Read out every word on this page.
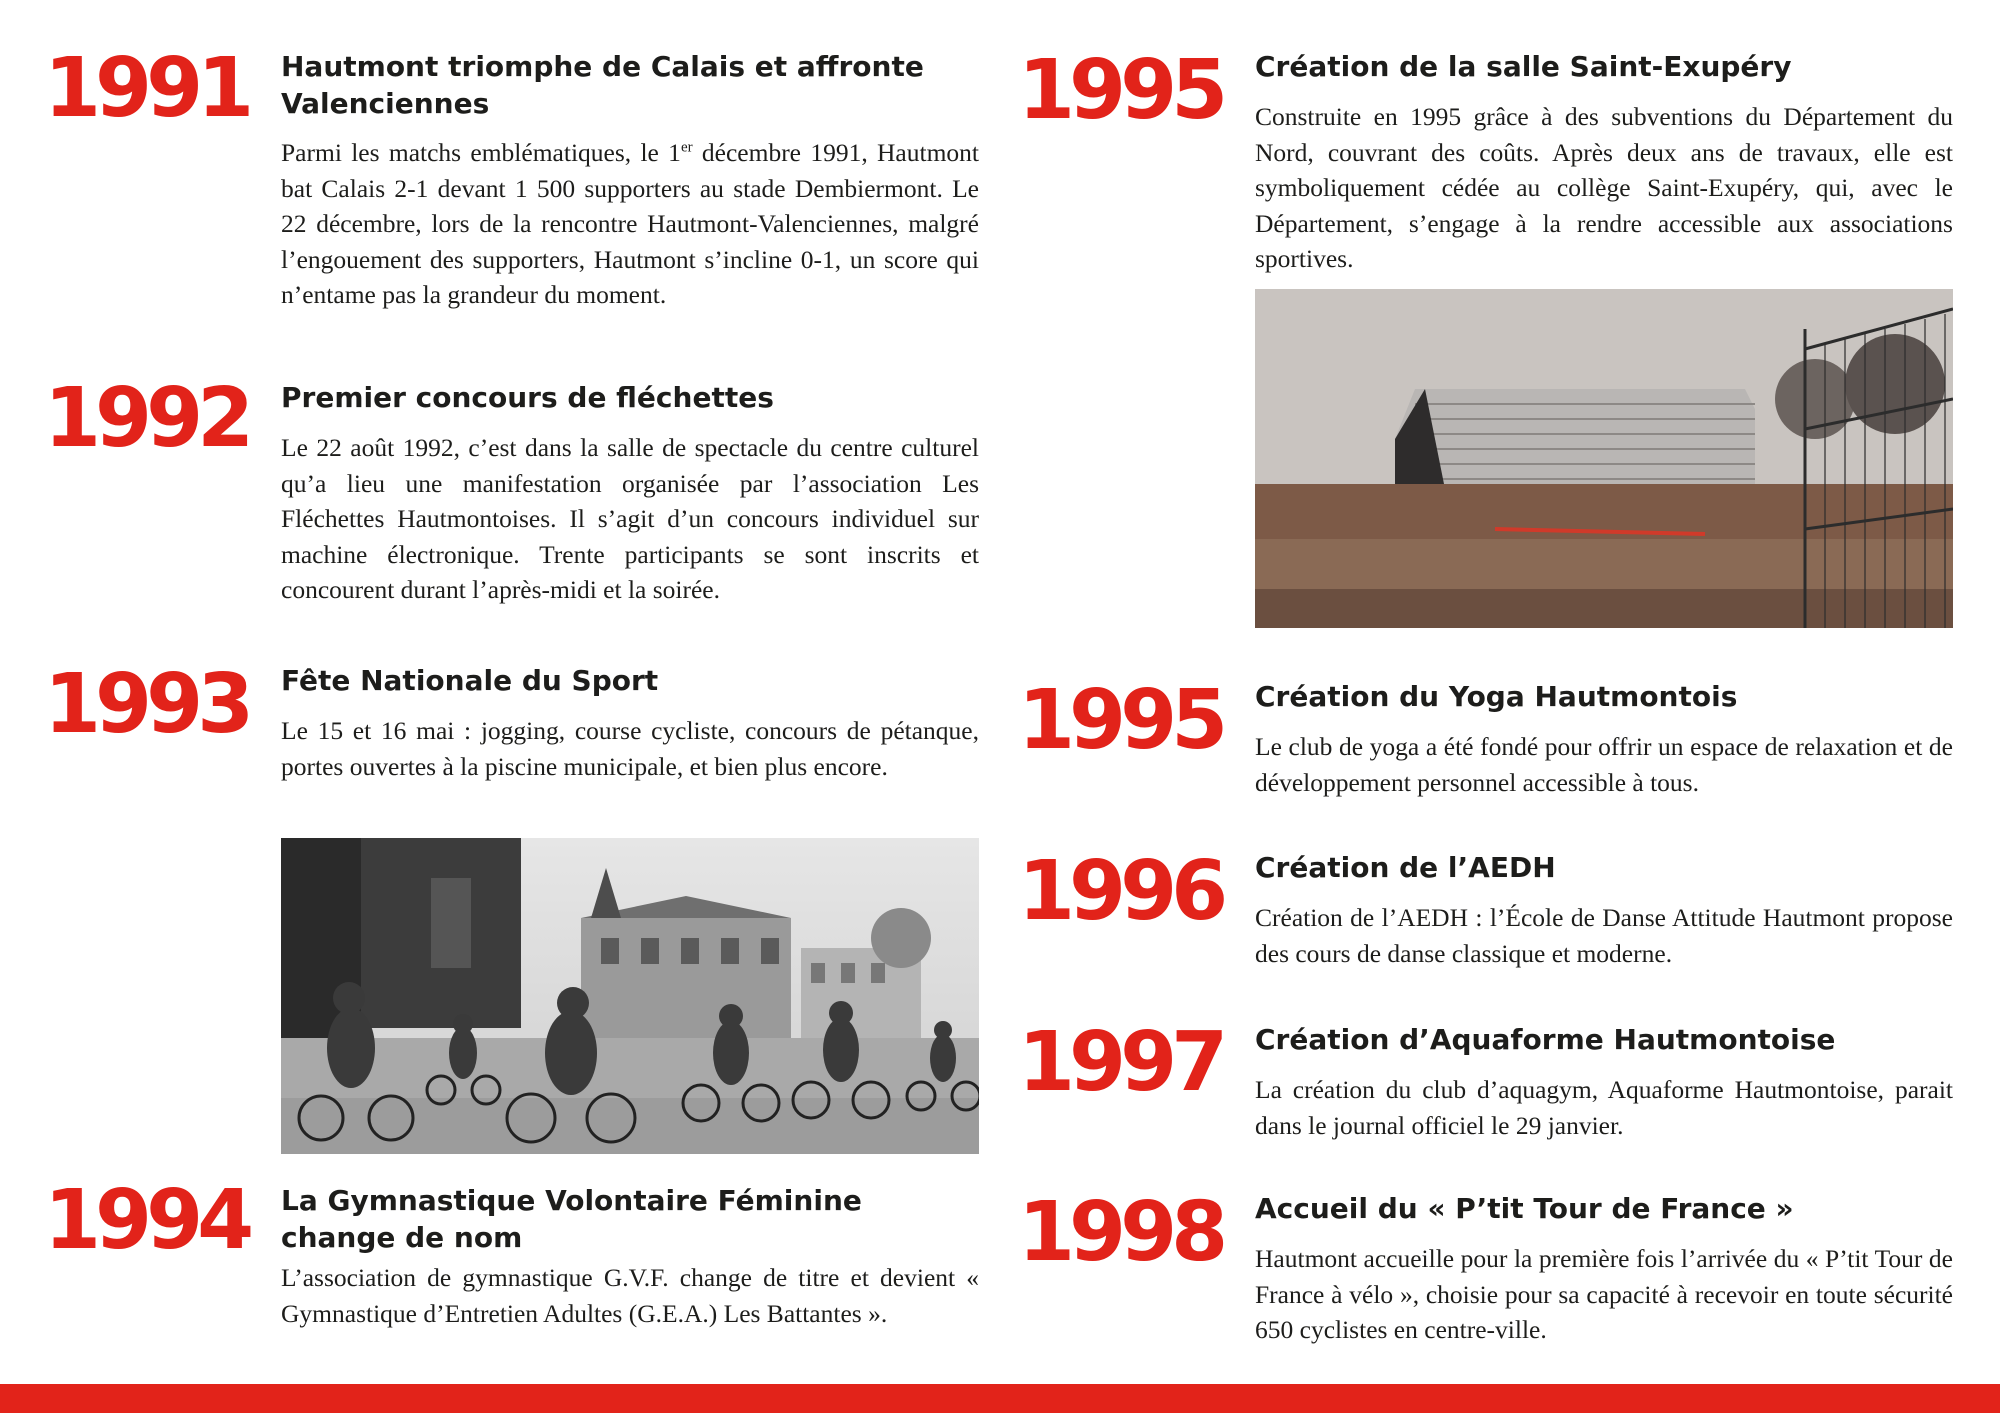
1991 Hautmont triomphe de Calais et affronte Valenciennes
Parmi les matchs emblématiques, le 1er décembre 1991, Hautmont bat Calais 2-1 devant 1 500 supporters au stade Dembiermont. Le 22 décembre, lors de la rencontre Hautmont-Valenciennes, malgré l’engouement des supporters, Hautmont s’incline 0-1, un score qui n’entame pas la grandeur du moment.
1992 Premier concours de fléchettes
Le 22 août 1992, c’est dans la salle de spectacle du centre culturel qu’a lieu une manifestation organisée par l’association Les Fléchettes Hautmontoises. Il s’agit d’un concours individuel sur machine électronique. Trente participants se sont inscrits et concourent durant l’après-midi et la soirée.
1993 Fête Nationale du Sport
Le 15 et 16 mai : jogging, course cycliste, concours de pétanque, portes ouvertes à la piscine municipale, et bien plus encore.
1994 La Gymnastique Volontaire Féminine change de nom
L’association de gymnastique G.V.F. change de titre et devient « Gymnastique d’Entretien Adultes (G.E.A.) Les Battantes ».
1995 Création de la salle Saint-Exupéry
Construite en 1995 grâce à des subventions du Département du Nord, couvrant des coûts. Après deux ans de travaux, elle est symboliquement cédée au collège Saint-Exupéry, qui, avec le Département, s’engage à la rendre accessible aux associations sportives.
1995 Création du Yoga Hautmontois
Le club de yoga a été fondé pour offrir un espace de relaxation et de développement personnel accessible à tous.
1996 Création de l’AEDH
Création de l’AEDH : l’École de Danse Attitude Hautmont propose des cours de danse classique et moderne.
1997 Création d’Aquaforme Hautmontoise
La création du club d’aquagym, Aquaforme Hautmontoise, parait dans le journal officiel le 29 janvier.
1998 Accueil du « P’tit Tour de France »
Hautmont accueille pour la première fois l’arrivée du « P’tit Tour de France à vélo », choisie pour sa capacité à recevoir en toute sécurité 650 cyclistes en centre-ville.
